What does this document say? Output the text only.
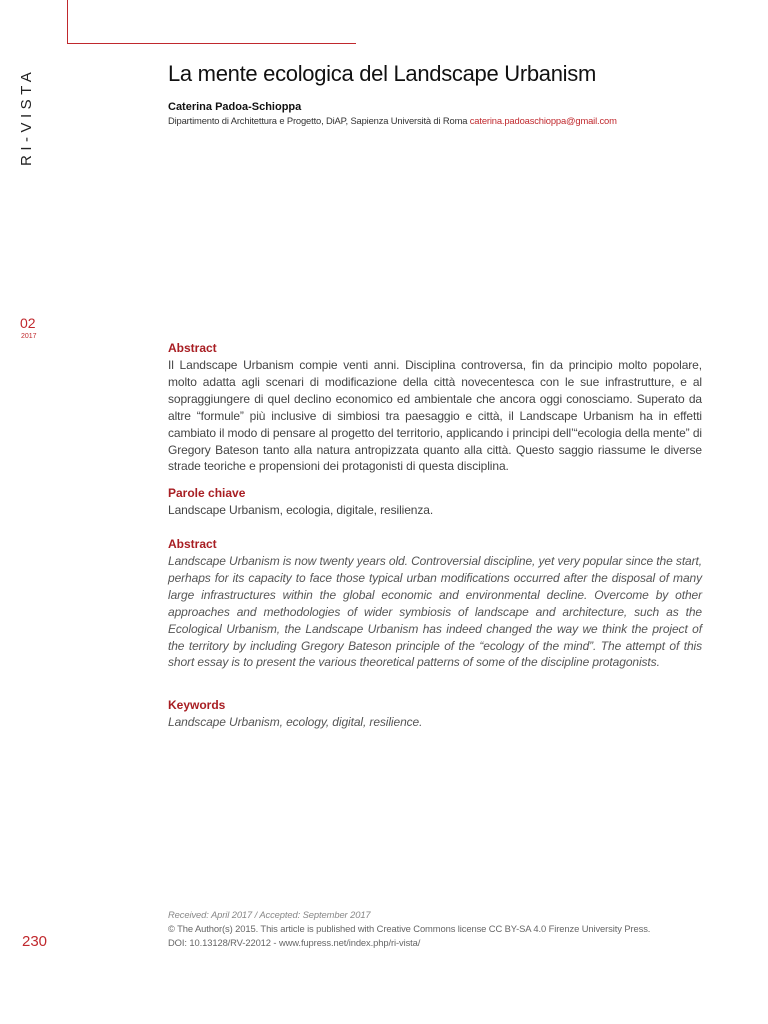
RI-VISTA
02
2017
230
La mente ecologica del Landscape Urbanism
Caterina Padoa-Schioppa
Dipartimento di Architettura e Progetto, DiAP, Sapienza Università di Roma caterina.padoaschioppa@gmail.com
Abstract

Il Landscape Urbanism compie venti anni. Disciplina controversa, fin da principio molto popolare, molto adatta agli scenari di modificazione della città novecentesca con le sue infrastrutture, e al sopraggiungere di quel declino economico ed ambientale che ancora oggi conosciamo. Superato da altre “formule” più inclusive di simbiosi tra paesaggio e città, il Landscape Urbanism ha in effetti cambiato il modo di pensare al progetto del territorio, applicando i principi dell’“ecologia della mente” di Gregory Bateson tanto alla natura antropizzata quanto alla città. Questo saggio riassume le diverse strade teoriche e propensioni dei protagonisti di questa disciplina.

Parole chiave

Landscape Urbanism, ecologia, digitale, resilienza.

Abstract

Landscape Urbanism is now twenty years old. Controversial discipline, yet very popular since the start, perhaps for its capacity to face those typical urban modifications occurred after the disposal of many large infrastructures within the global economic and environmental decline. Overcome by other approaches and methodologies of wider symbiosis of landscape and architecture, such as the Ecological Urbanism, the Landscape Urbanism has indeed changed the way we think the project of the territory by including Gregory Bateson principle of the “ecology of the mind”. The attempt of this short essay is to present the various theoretical patterns of some of the discipline protagonists.

Keywords

Landscape Urbanism, ecology, digital, resilience.

Received: April 2017 / Accepted: September 2017
© The Author(s) 2015. This article is published with Creative Commons license CC BY-SA 4.0 Firenze University Press.
DOI: 10.13128/RV-22012 - www.fupress.net/index.php/ri-vista/
